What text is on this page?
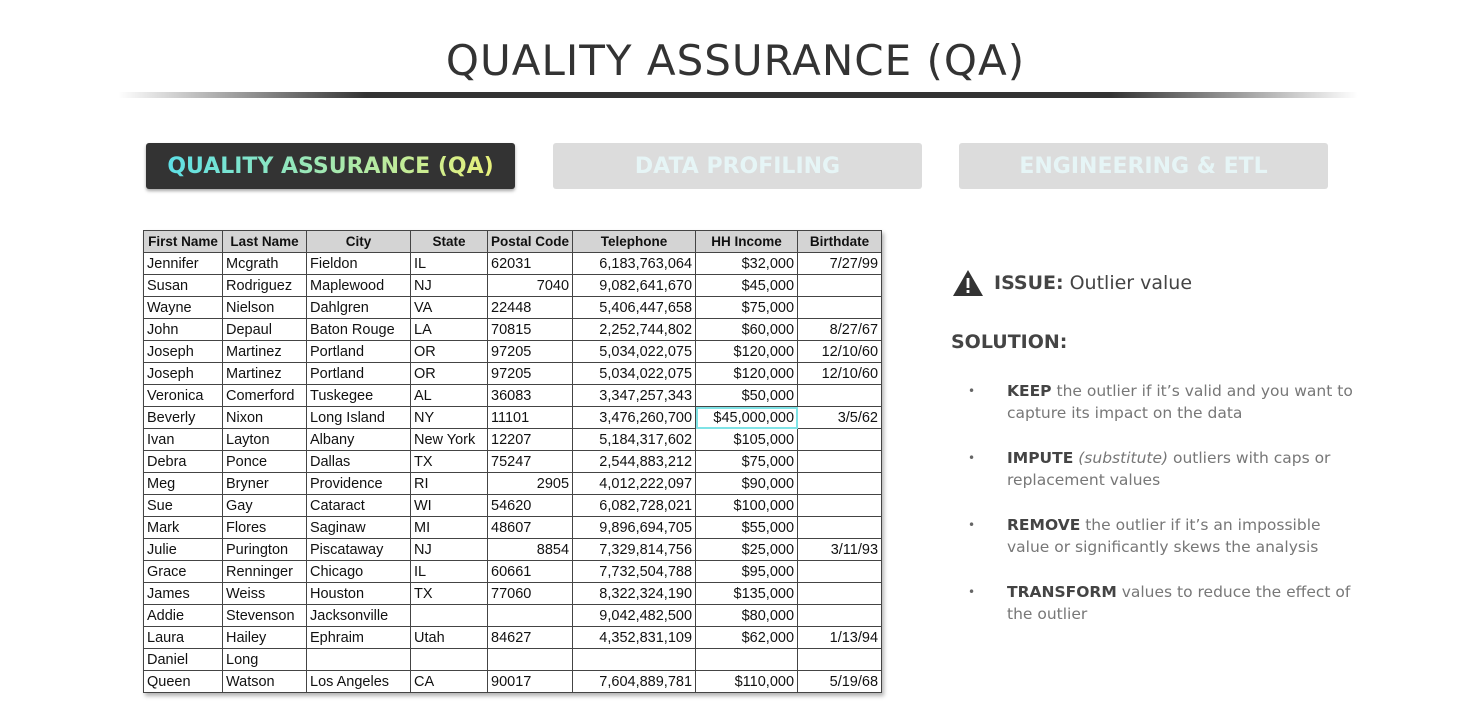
QUALITY ASSURANCE (QA)
QUALITY ASSURANCE (QA)	DATA PROFILING	ENGINEERING & ETL
First Name	Last Name	City	State	Postal Code	Telephone	HH Income	Birthdate
Jennifer	Mcgrath	Fieldon	IL	62031	6,183,763,064	$32,000	7/27/99
Susan	Rodriguez	Maplewood	NJ	7040	9,082,641,670	$45,000	
Wayne	Nielson	Dahlgren	VA	22448	5,406,447,658	$75,000	
John	Depaul	Baton Rouge	LA	70815	2,252,744,802	$60,000	8/27/67
Joseph	Martinez	Portland	OR	97205	5,034,022,075	$120,000	12/10/60
Joseph	Martinez	Portland	OR	97205	5,034,022,075	$120,000	12/10/60
Veronica	Comerford	Tuskegee	AL	36083	3,347,257,343	$50,000	
Beverly	Nixon	Long Island	NY	11101	3,476,260,700	$45,000,000	3/5/62
Ivan	Layton	Albany	New York	12207	5,184,317,602	$105,000	
Debra	Ponce	Dallas	TX	75247	2,544,883,212	$75,000	
Meg	Bryner	Providence	RI	2905	4,012,222,097	$90,000	
Sue	Gay	Cataract	WI	54620	6,082,728,021	$100,000	
Mark	Flores	Saginaw	MI	48607	9,896,694,705	$55,000	
Julie	Purington	Piscataway	NJ	8854	7,329,814,756	$25,000	3/11/93
Grace	Renninger	Chicago	IL	60661	7,732,504,788	$95,000	
James	Weiss	Houston	TX	77060	8,322,324,190	$135,000	
Addie	Stevenson	Jacksonville			9,042,482,500	$80,000	
Laura	Hailey	Ephraim	Utah	84627	4,352,831,109	$62,000	1/13/94
Daniel	Long						
Queen	Watson	Los Angeles	CA	90017	7,604,889,781	$110,000	5/19/68
ISSUE: Outlier value
SOLUTION:
• KEEP the outlier if it’s valid and you want to capture its impact on the data
• IMPUTE (substitute) outliers with caps or replacement values
• REMOVE the outlier if it’s an impossible value or significantly skews the analysis
• TRANSFORM values to reduce the effect of the outlier
